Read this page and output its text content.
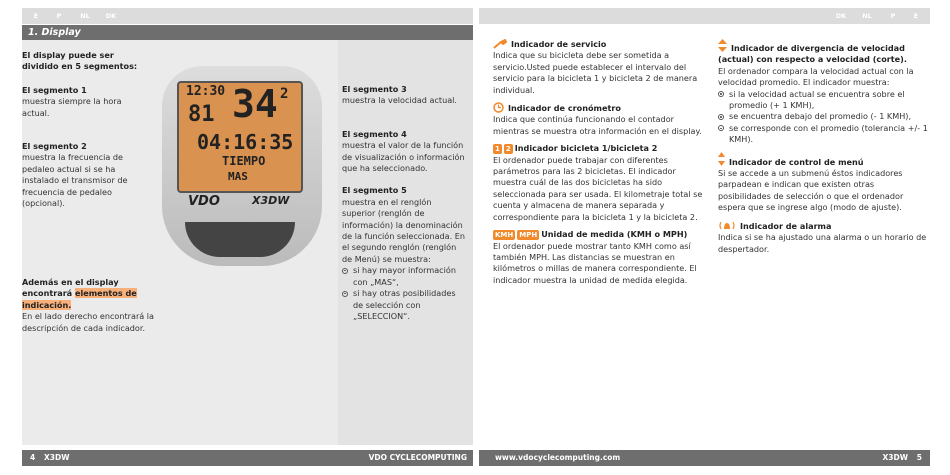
E	P	NL	DK	DK	NL	P	E
1. Display
El display puede ser dividido en 5 segmentos:
El segmento 1
muestra siempre la hora actual.
El segmento 2
muestra la frecuencia de pedaleo actual si se ha instalado el transmisor de frecuencia de pedaleo (opcional).
Además en el display encontrará elementos de indicación.
En el lado derecho encontrará la descripción de cada indicador.
12:30 34 2
81
04:16:35
TIEMPO
MAS
VDO	X3DW
El segmento 3
muestra la velocidad actual.
El segmento 4
muestra el valor de la función de visualización o información que ha seleccionado.
El segmento 5
muestra en el renglón superior (renglón de información) la denominación de la función seleccionada. En el segundo renglón (renglón de Menú) se muestra:
si hay mayor información con „MAS“,
si hay otras posibilidades de selección con „SELECCION“.
Indicador de servicio
Indica que su bicicleta debe ser sometida a servicio.Usted puede establecer el intervalo del servicio para la bicicleta 1 y bicicleta 2 de manera individual.
Indicador de cronómetro
Indica que continúa funcionando el contador mientras se muestra otra información en el display.
1 2 Indicador bicicleta 1/bicicleta 2
El ordenador puede trabajar con diferentes parámetros para las 2 bicicletas. El indicador muestra cuál de las dos bicicletas ha sido seleccionada para ser usada. El kilometraje total se cuenta y almacena de manera separada y correspondiente para la bicicleta 1 y la bicicleta 2.
KMH MPH Unidad de medida (KMH o MPH)
El ordenador puede mostrar tanto KMH como así también MPH. Las distancias se muestran en kilómetros o millas de manera correspondiente. El indicador muestra la unidad de medida elegida.
Indicador de divergencia de velocidad (actual) con respecto a velocidad (corte).
El ordenador compara la velocidad actual con la velocidad promedio. El indicador muestra:
si la velocidad actual se encuentra sobre el promedio (+ 1 KMH),
se encuentra debajo del promedio (- 1 KMH),
se corresponde con el promedio (tolerancia +/- 1 KMH).
Indicador de control de menú
Si se accede a un submenú éstos indicadores parpadean e indican que existen otras posibilidades de selección o que el ordenador espera que se ingrese algo (modo de ajuste).
Indicador de alarma
Indica si se ha ajustado una alarma o un horario de despertador.
4 X3DW	VDO CYCLECOMPUTING	www.vdocyclecomputing.com	X3DW 5
